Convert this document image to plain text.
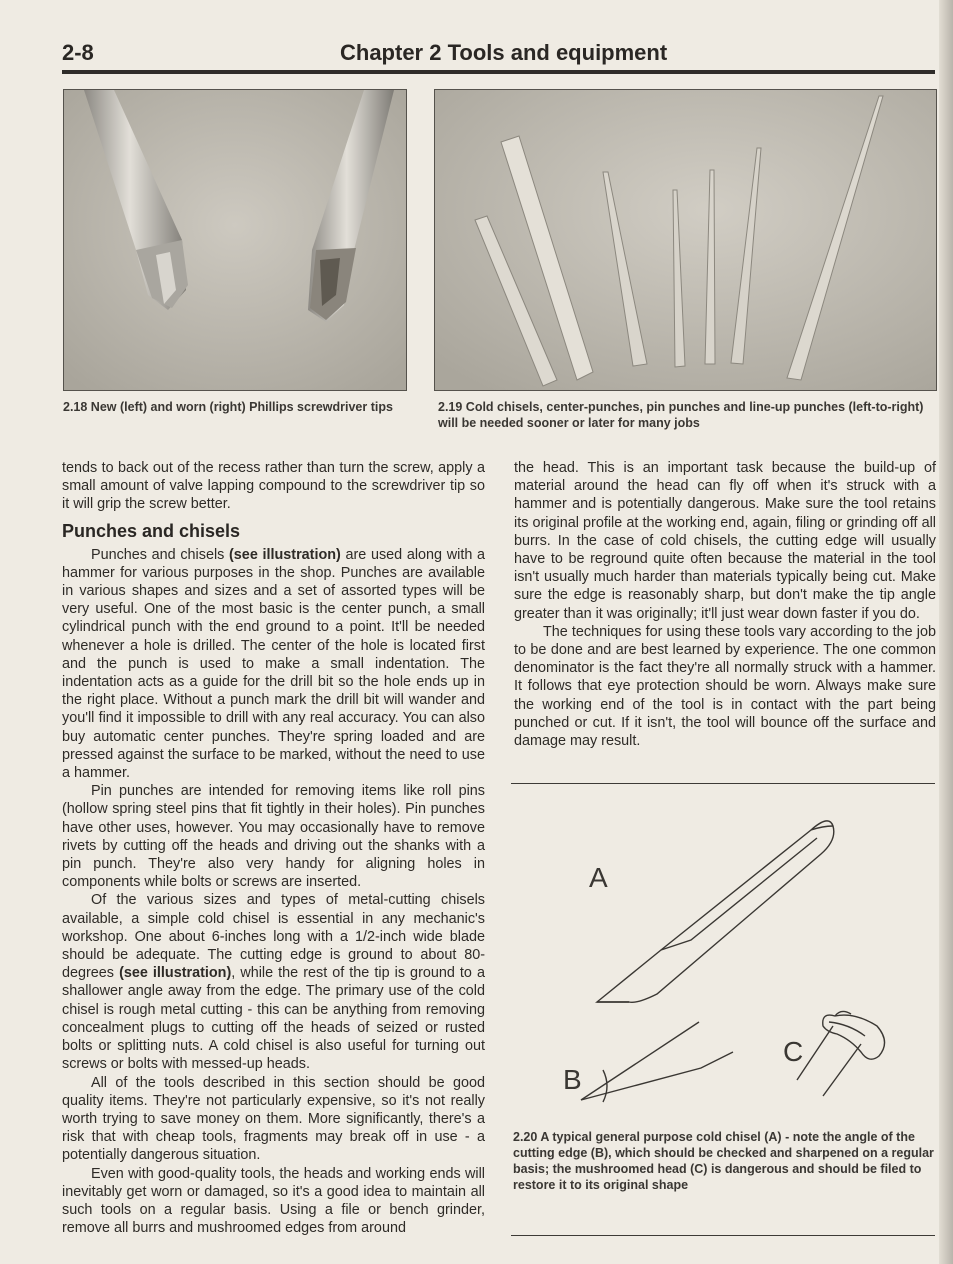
2-8	Chapter 2 Tools and equipment
2.18 New (left) and worn (right) Phillips screwdriver tips	2.19 Cold chisels, center-punches, pin punches and line-up punches (left-to-right) will be needed sooner or later for many jobs

tends to back out of the recess rather than turn the screw, apply a small amount of valve lapping compound to the screwdriver tip so it will grip the screw better.

Punches and chisels

Punches and chisels (see illustration) are used along with a hammer for various purposes in the shop. Punches are available in various shapes and sizes and a set of assorted types will be very useful. One of the most basic is the center punch, a small cylindrical punch with the end ground to a point. It'll be needed whenever a hole is drilled. The center of the hole is located first and the punch is used to make a small indentation. The indentation acts as a guide for the drill bit so the hole ends up in the right place. Without a punch mark the drill bit will wander and you'll find it impossible to drill with any real accuracy. You can also buy automatic center punches. They're spring loaded and are pressed against the surface to be marked, without the need to use a hammer.

Pin punches are intended for removing items like roll pins (hollow spring steel pins that fit tightly in their holes). Pin punches have other uses, however. You may occasionally have to remove rivets by cutting off the heads and driving out the shanks with a pin punch. They're also very handy for aligning holes in components while bolts or screws are inserted.

Of the various sizes and types of metal-cutting chisels available, a simple cold chisel is essential in any mechanic's workshop. One about 6-inches long with a 1/2-inch wide blade should be adequate. The cutting edge is ground to about 80-degrees (see illustration), while the rest of the tip is ground to a shallower angle away from the edge. The primary use of the cold chisel is rough metal cutting - this can be anything from removing concealment plugs to cutting off the heads of seized or rusted bolts or splitting nuts. A cold chisel is also useful for turning out screws or bolts with messed-up heads.

All of the tools described in this section should be good quality items. They're not particularly expensive, so it's not really worth trying to save money on them. More significantly, there's a risk that with cheap tools, fragments may break off in use - a potentially dangerous situation.

Even with good-quality tools, the heads and working ends will inevitably get worn or damaged, so it's a good idea to maintain all such tools on a regular basis. Using a file or bench grinder, remove all burrs and mushroomed edges from around

the head. This is an important task because the build-up of material around the head can fly off when it's struck with a hammer and is potentially dangerous. Make sure the tool retains its original profile at the working end, again, filing or grinding off all burrs. In the case of cold chisels, the cutting edge will usually have to be reground quite often because the material in the tool isn't usually much harder than materials typically being cut. Make sure the edge is reasonably sharp, but don't make the tip angle greater than it was originally; it'll just wear down faster if you do.

The techniques for using these tools vary according to the job to be done and are best learned by experience. The one common denominator is the fact they're all normally struck with a hammer. It follows that eye protection should be worn. Always make sure the working end of the tool is in contact with the part being punched or cut. If it isn't, the tool will bounce off the surface and damage may result.

A
B
C
2.20 A typical general purpose cold chisel (A) - note the angle of the cutting edge (B), which should be checked and sharpened on a regular basis; the mushroomed head (C) is dangerous and should be filed to restore it to its original shape
